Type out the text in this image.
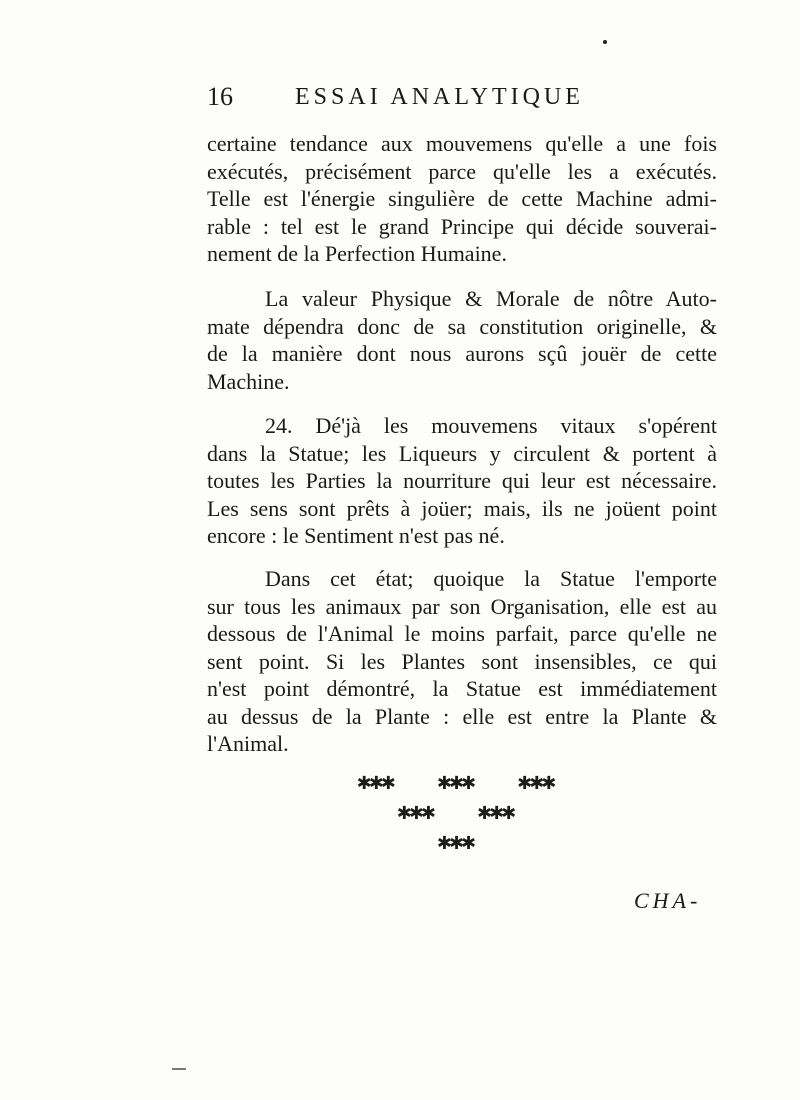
16	ESSAI ANALYTIQUE
certaine tendance aux mouvemens qu'elle a une fois
exécutés, précisément parce qu'elle les a exécutés.
Telle est l'énergie singulière de cette Machine admi-
rable : tel est le grand Principe qui décide souverai-
nement de la Perfection Humaine.
La valeur Physique & Morale de nôtre Auto-
mate dépendra donc de sa constitution originelle, &
de la manière dont nous aurons sçû jouër de cette
Machine.
24. Dé'jà les mouvemens vitaux s'opérent
dans la Statue; les Liqueurs y circulent & portent à
toutes les Parties la nourriture qui leur est nécessaire.
Les sens sont prêts à joüer; mais, ils ne joüent point
encore : le Sentiment n'est pas né.
Dans cet état; quoique la Statue l'emporte
sur tous les animaux par son Organisation, elle est au
dessous de l'Animal le moins parfait, parce qu'elle ne
sent point. Si les Plantes sont insensibles, ce qui
n'est point démontré, la Statue est immédiatement
au dessus de la Plante : elle est entre la Plante &
l'Animal.
✱✱✱ ✱✱✱ ✱✱✱
✱✱✱ ✱✱✱
✱✱✱
CHA-
